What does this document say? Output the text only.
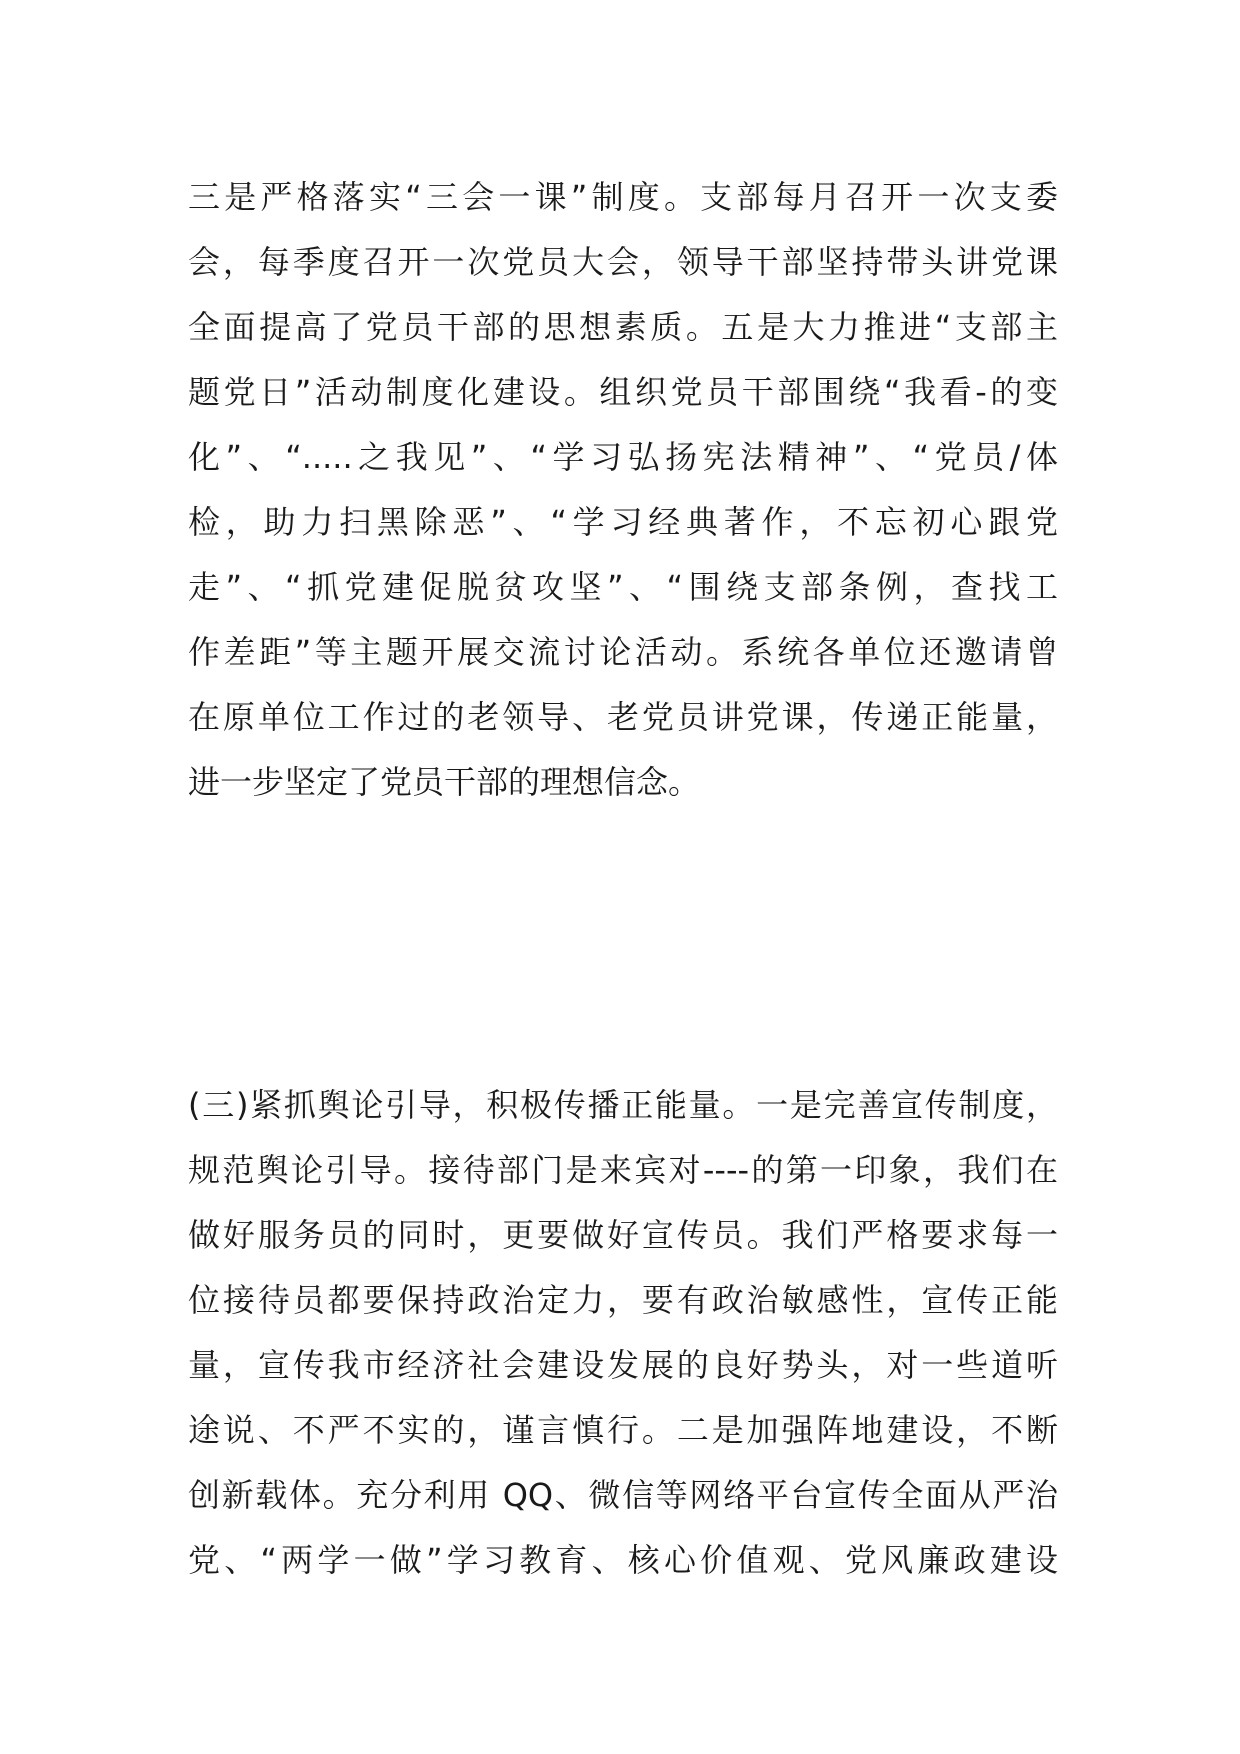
三是严格落实“三会一课”制度。支部每月召开一次支委
会，每季度召开一次党员大会，领导干部坚持带头讲党课
全面提高了党员干部的思想素质。五是大力推进“支部主
题党日”活动制度化建设。组织党员干部围绕“我看-的变
化”、“.....之我见”、“学习弘扬宪法精神”、“党员/体
检，助力扫黑除恶”、“学习经典著作，不忘初心跟党
走”、“抓党建促脱贫攻坚”、“围绕支部条例，查找工
作差距”等主题开展交流讨论活动。系统各单位还邀请曾
在原单位工作过的老领导、老党员讲党课，传递正能量，
进一步坚定了党员干部的理想信念。
(三)紧抓舆论引导，积极传播正能量。一是完善宣传制度，
规范舆论引导。接待部门是来宾对----的第一印象，我们在
做好服务员的同时，更要做好宣传员。我们严格要求每一
位接待员都要保持政治定力，要有政治敏感性，宣传正能
量，宣传我市经济社会建设发展的良好势头，对一些道听
途说、不严不实的，谨言慎行。二是加强阵地建设，不断
创新载体。充分利用 QQ、微信等网络平台宣传全面从严治
党、“两学一做”学习教育、核心价值观、党风廉政建设
